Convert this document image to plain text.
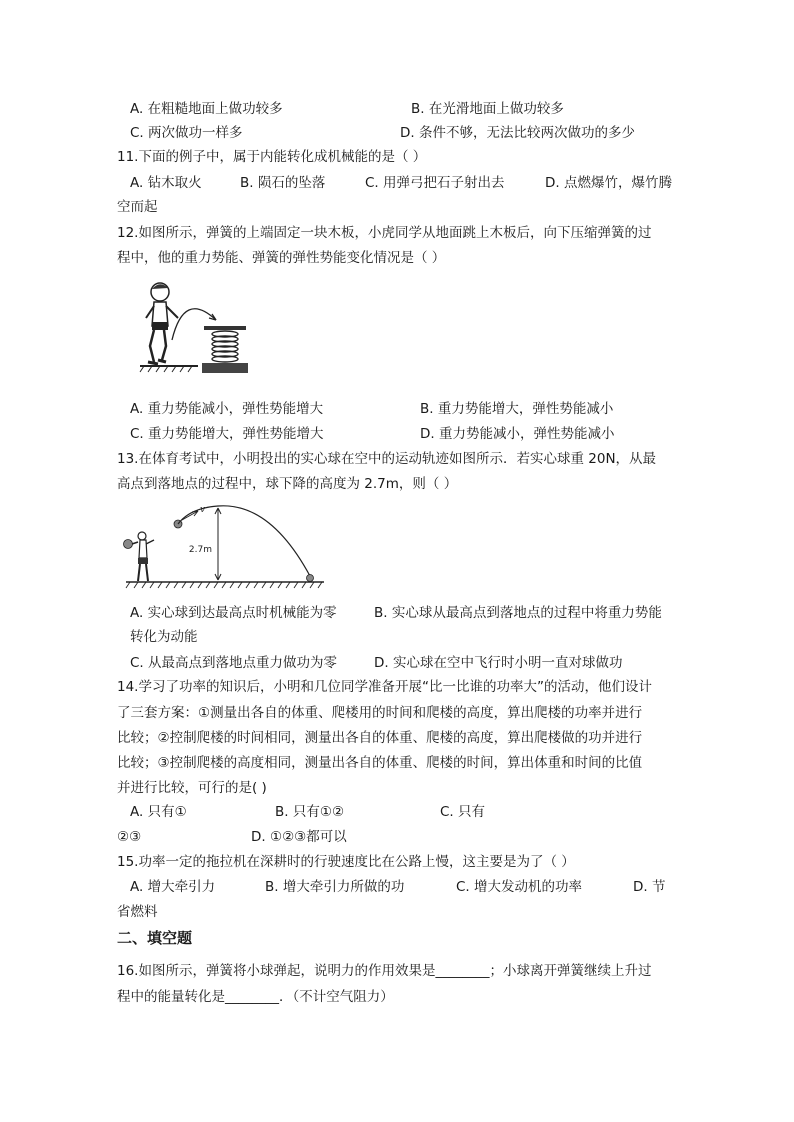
A. 在粗糙地面上做功较多	B. 在光滑地面上做功较多
C. 两次做功一样多	D. 条件不够，无法比较两次做功的多少
11.下面的例子中，属于内能转化成机械能的是（ ）
A. 钻木取火	B. 陨石的坠落	C. 用弹弓把石子射出去	D. 点燃爆竹，爆竹腾
空而起
12.如图所示，弹簧的上端固定一块木板，小虎同学从地面跳上木板后，向下压缩弹簧的过
程中，他的重力势能、弹簧的弹性势能变化情况是（ ）
A. 重力势能减小，弹性势能增大	B. 重力势能增大，弹性势能减小
C. 重力势能增大，弹性势能增大	D. 重力势能减小，弹性势能减小
13.在体育考试中，小明投出的实心球在空中的运动轨迹如图所示．若实心球重 20N，从最
高点到落地点的过程中，球下降的高度为 2.7m，则（ ）
v
2.7m
A. 实心球到达最高点时机械能为零	B. 实心球从最高点到落地点的过程中将重力势能
转化为动能
C. 从最高点到落地点重力做功为零	D. 实心球在空中飞行时小明一直对球做功
14.学习了功率的知识后，小明和几位同学准备开展“比一比谁的功率大”的活动，他们设计
了三套方案：①测量出各自的体重、爬楼用的时间和爬楼的高度，算出爬楼的功率并进行
比较；②控制爬楼的时间相同，测量出各自的体重、爬楼的高度，算出爬楼做的功并进行
比较；③控制爬楼的高度相同，测量出各自的体重、爬楼的时间，算出体重和时间的比值
并进行比较，可行的是( )
A. 只有①	B. 只有①②	C. 只有
②③	D. ①②③都可以
15.功率一定的拖拉机在深耕时的行驶速度比在公路上慢，这主要是为了（ ）
A. 增大牵引力	B. 增大牵引力所做的功	C. 增大发动机的功率	D. 节
省燃料
二、填空题
16.如图所示，弹簧将小球弹起，说明力的作用效果是________；小球离开弹簧继续上升过
程中的能量转化是________．（不计空气阻力）
